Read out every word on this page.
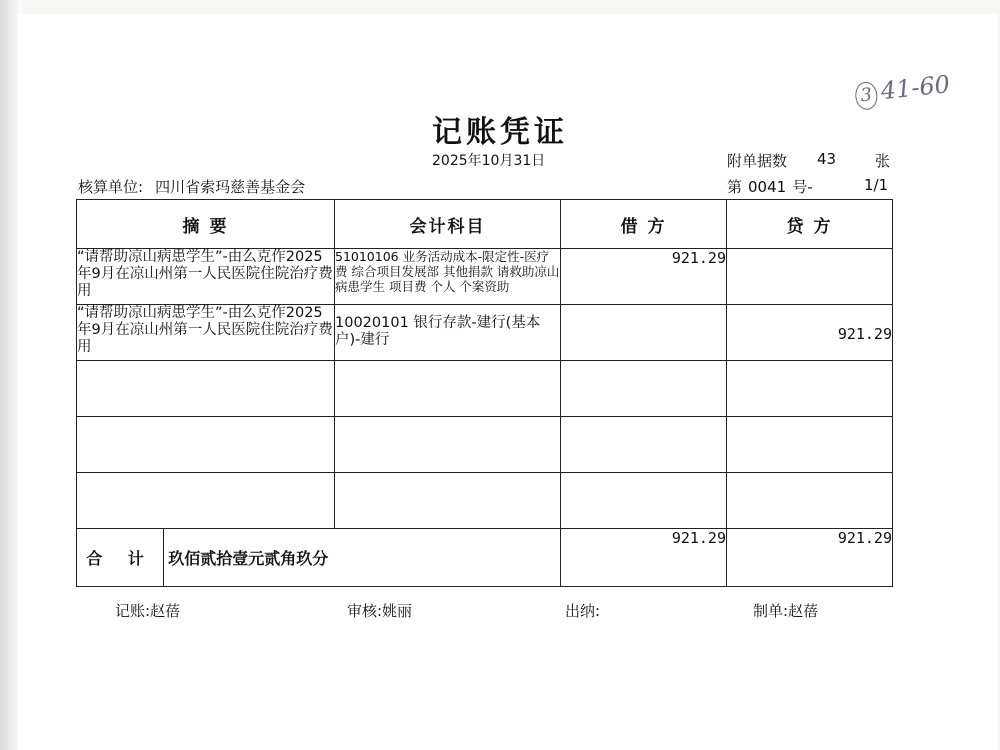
3 41-60
记账凭证
2025年10月31日	附单据数 43	张
核算单位: 四川省索玛慈善基金会	第 0041 号-	1/1
摘 要	会计科目	借 方	贷 方
“请帮助凉山病患学生”-由么克作2025年9月在凉山州第一人民医院住院治疗费用	51010106 业务活动成本-限定性-医疗费 综合项目发展部 其他捐款 请救助凉山病患学生 项目费 个人 个案资助	921.29	
“请帮助凉山病患学生”-由么克作2025年9月在凉山州第一人民医院住院治疗费用	10020101 银行存款-建行(基本户)-建行		921.29

合 计 玖佰贰拾壹元贰角玖分		921.29	921.29
记账:赵蓓	审核:姚丽	出纳:	制单:赵蓓
